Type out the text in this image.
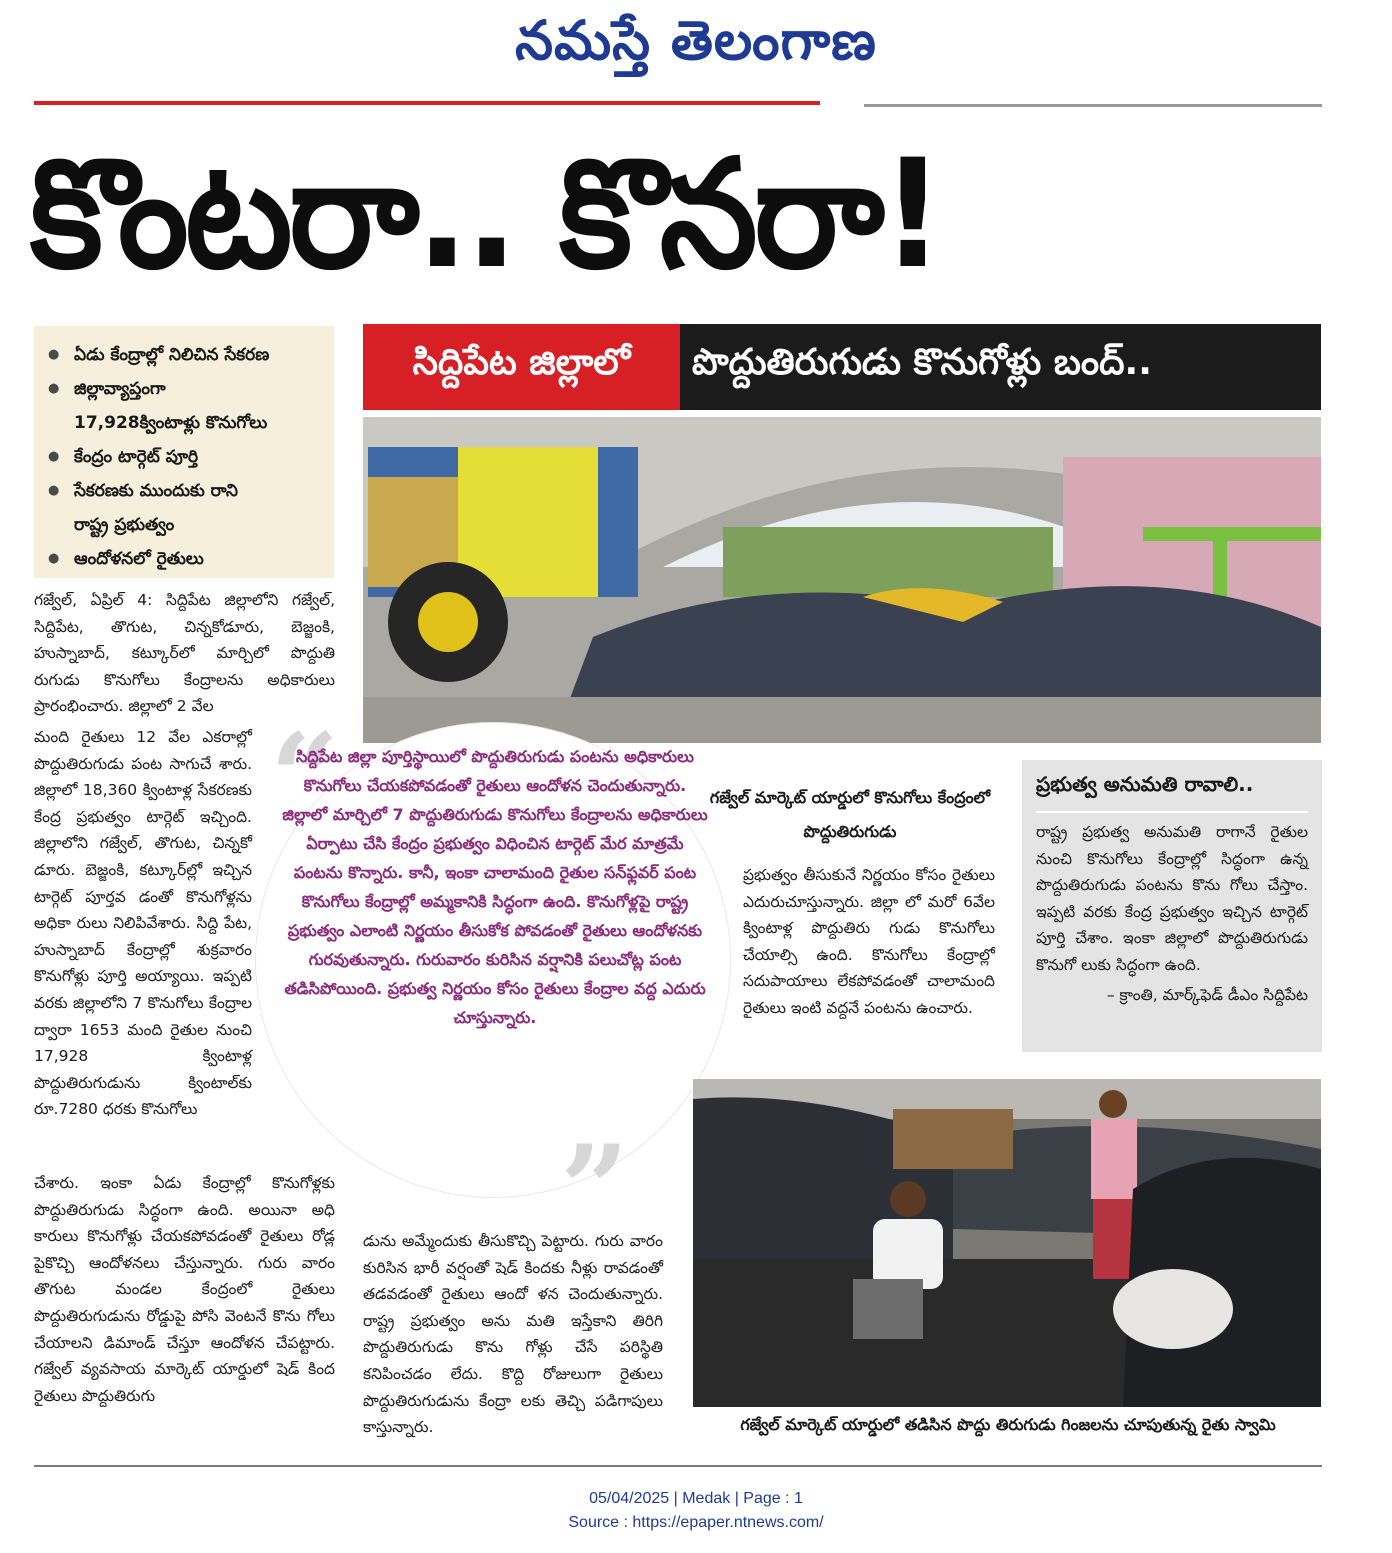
నమస్తే తెలంగాణ
కొంటరా.. కొనరా!
● ఏడు కేంద్రాల్లో నిలిచిన సేకరణ
● జిల్లావ్యాప్తంగా
17,928క్వింటాళ్లు కొనుగోలు
● కేంద్రం టార్గెట్ పూర్తి
● సేకరణకు ముందుకు రాని
రాష్ట్ర ప్రభుత్వం
● ఆందోళనలో రైతులు
సిద్దిపేట జిల్లాలో	పొద్దుతిరుగుడు కొనుగోళ్లు బంద్..

గజ్వేల్, ఏప్రిల్ 4: సిద్దిపేట జిల్లాలోని గజ్వేల్, సిద్దిపేట, తొగుట, చిన్నకోడూరు, బెజ్జంకి, హుస్నాబాద్, కట్కూర్‌లో మార్చిలో పొద్దుతి రుగుడు కొనుగోలు కేంద్రాలను అధికారులు ప్రారంభించారు. జిల్లాలో 2 వేల

మంది రైతులు 12 వేల ఎకరాల్లో పొద్దుతిరుగుడు పంట సాగుచే శారు. జిల్లాలో 18,360 క్వింటాళ్ల సేకరణకు కేంద్ర ప్రభుత్వం టార్గెట్ ఇచ్చింది. జిల్లాలోని గజ్వేల్, తొగుట, చిన్నకో డూరు. బెజ్జంకి, కట్కూర్‌ల్లో ఇచ్చిన టార్గెట్ పూర్తవ డంతో కొనుగోళ్లను అధికా రులు నిలిపివేశారు. సిద్ది పేట, హుస్నాబాద్ కేంద్రాల్లో శుక్రవారం కొనుగోళ్లు పూర్తి అయ్యాయి. ఇప్పటి వరకు జిల్లాలోని 7 కొనుగోలు కేంద్రాల ద్వారా 1653 మంది రైతుల నుంచి 17,928 క్వింటాళ్ల పొద్దుతిరుగుడును క్వింటాల్‌కు రూ.7280 ధరకు కొనుగోలు

చేశారు. ఇంకా ఏడు కేంద్రాల్లో కొనుగోళ్లకు పొద్దుతిరుగుడు సిద్ధంగా ఉంది. అయినా అధి కారులు కొనుగోళ్లు చేయకపోవడంతో రైతులు రోడ్ల పైకొచ్చి ఆందోళనలు చేస్తున్నారు. గురు వారం తొగుట మండల కేంద్రంలో రైతులు పొద్దుతిరుగుడును రోడ్డుపై పోసి వెంటనే కొను గోలు చేయాలని డిమాండ్ చేస్తూ ఆందోళన చేపట్టారు. గజ్వేల్ వ్యవసాయ మార్కెట్ యార్డులో షెడ్ కింద రైతులు పొద్దుతిరుగు

“
”
సిద్దిపేట జిల్లా పూర్తిస్థాయిలో పొద్దుతిరుగుడు పంటను అధికారులు కొనుగోలు చేయకపోవడంతో రైతులు ఆందోళన చెందుతున్నారు. జిల్లాలో మార్చిలో 7 పొద్దుతిరుగుడు కొనుగోలు కేంద్రాలను అధికారులు ఏర్పాటు చేసి కేంద్రం ప్రభుత్వం విధించిన టార్గెట్ మేర మాత్రమే పంటను కొన్నారు. కానీ, ఇంకా చాలామంది రైతుల సన్‌ఫ్లవర్ పంట కొనుగోలు కేంద్రాల్లో అమ్మకానికి సిద్ధంగా ఉంది. కొనుగోళ్లపై రాష్ట్ర ప్రభుత్వం ఎలాంటి నిర్ణయం తీసుకోక పోవడంతో రైతులు ఆందోళనకు గురవుతున్నారు. గురువారం కురిసిన వర్షానికి పలుచోట్ల పంట తడిసిపోయింది. ప్రభుత్వ నిర్ణయం కోసం రైతులు కేంద్రాల వద్ద ఎదురు చూస్తున్నారు.
గజ్వేల్ మార్కెట్ యార్డులో కొనుగోలు కేంద్రంలో పొద్దుతిరుగుడు

ప్రభుత్వం తీసుకునే నిర్ణయం కోసం రైతులు ఎదురుచూస్తున్నారు. జిల్లా లో మరో 6వేల క్వింటాళ్ల పొద్దుతిరు గుడు కొనుగోలు చేయాల్సి ఉంది. కొనుగోలు కేంద్రాల్లో సదుపాయాలు లేకపోవడంతో చాలామంది రైతులు ఇంటి వద్దనే పంటను ఉంచారు.

ప్రభుత్వ అనుమతి రావాలి..
రాష్ట్ర ప్రభుత్వ అనుమతి రాగానే రైతుల నుంచి కొనుగోలు కేంద్రాల్లో సిద్ధంగా ఉన్న పొద్దుతిరుగుడు పంటను కొను గోలు చేస్తాం. ఇప్పటి వరకు కేంద్ర ప్రభుత్వం ఇచ్చిన టార్గెట్ పూర్తి చేశాం. ఇంకా జిల్లాలో పొద్దుతిరుగుడు కొనుగో లుకు సిద్ధంగా ఉంది.
– క్రాంతి, మార్క్‌ఫెడ్ డీఎం సిద్దిపేట

డును అమ్మేందుకు తీసుకొచ్చి పెట్టారు. గురు వారం కురిసిన భారీ వర్షంతో షెడ్ కిందకు నీళ్లు రావడంతో తడవడంతో రైతులు ఆందో ళన చెందుతున్నారు. రాష్ట్ర ప్రభుత్వం అను మతి ఇస్తేకాని తిరిగి పొద్దుతిరుగుడు కొను గోళ్లు చేసే పరిస్థితి కనిపించడం లేదు. కొద్ది రోజులుగా రైతులు పొద్దుతిరుగుడును కేంద్రా లకు తెచ్చి పడిగాపులు కాస్తున్నారు.	గజ్వేల్ మార్కెట్ యార్డులో తడిసిన పొద్దు తిరుగుడు గింజలను చూపుతున్న రైతు స్వామి
05/04/2025 | Medak | Page : 1
Source : https://epaper.ntnews.com/
